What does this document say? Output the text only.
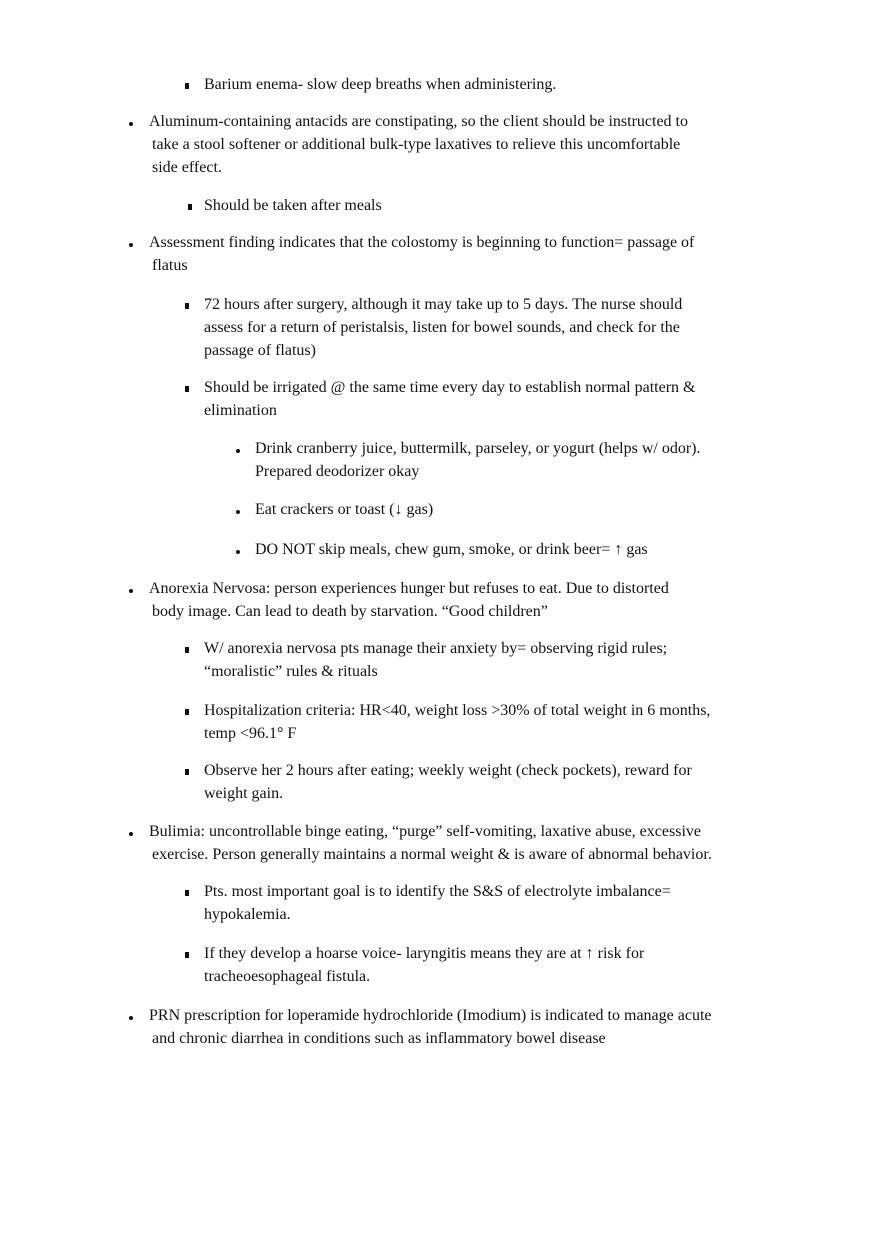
Barium enema- slow deep breaths when administering.

Aluminum-containing antacids are constipating, so the client should be instructed to
take a stool softener or additional bulk-type laxatives to relieve this uncomfortable
side effect.

Should be taken after meals

Assessment finding indicates that the colostomy is beginning to function= passage of
flatus

72 hours after surgery, although it may take up to 5 days. The nurse should
assess for a return of peristalsis, listen for bowel sounds, and check for the
passage of flatus)

Should be irrigated @ the same time every day to establish normal pattern &
elimination

Drink cranberry juice, buttermilk, parseley, or yogurt (helps w/ odor).
Prepared deodorizer okay

Eat crackers or toast (↓ gas)

DO NOT skip meals, chew gum, smoke, or drink beer= ↑ gas

Anorexia Nervosa: person experiences hunger but refuses to eat. Due to distorted
body image. Can lead to death by starvation. “Good children”

W/ anorexia nervosa pts manage their anxiety by= observing rigid rules;
“moralistic” rules & rituals

Hospitalization criteria: HR<40, weight loss >30% of total weight in 6 months,
temp <96.1° F

Observe her 2 hours after eating; weekly weight (check pockets), reward for
weight gain.

Bulimia: uncontrollable binge eating, “purge” self-vomiting, laxative abuse, excessive
exercise. Person generally maintains a normal weight & is aware of abnormal behavior.

Pts. most important goal is to identify the S&S of electrolyte imbalance=
hypokalemia.

If they develop a hoarse voice- laryngitis means they are at ↑ risk for
tracheoesophageal fistula.

PRN prescription for loperamide hydrochloride (Imodium) is indicated to manage acute
and chronic diarrhea in conditions such as inflammatory bowel disease
